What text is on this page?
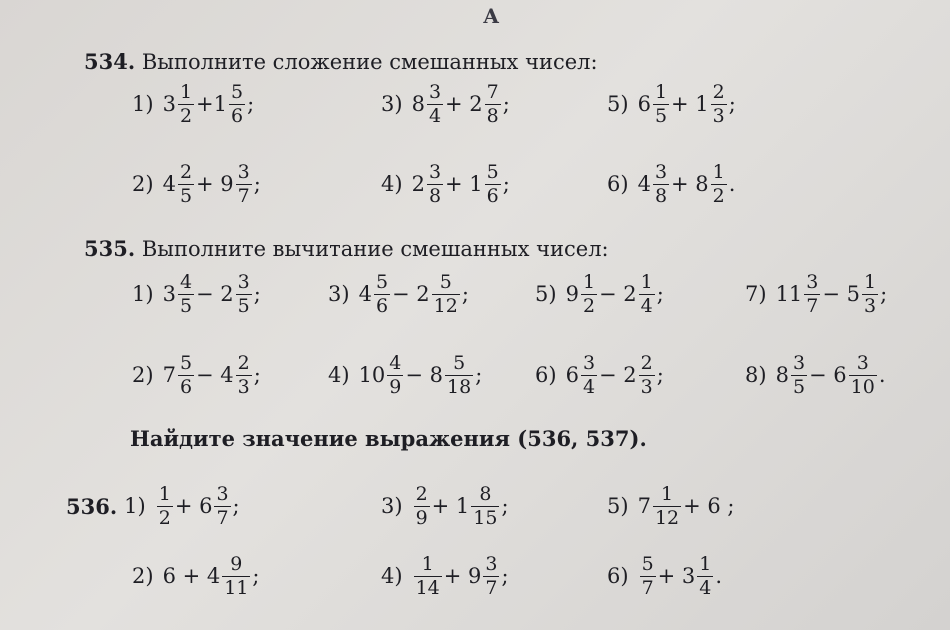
А
534. Выполните сложение смешанных чисел:
1) $3 \frac{1}{2} +1 \frac{5}{6}$ ;	3) $8 \frac{3}{4} + 2 \frac{7}{8}$ ;	5) $6 \frac{1}{5} + 1 \frac{2}{3}$ ;
2) $4 \frac{2}{5} + 9 \frac{3}{7}$ ;	4) $2 \frac{3}{8} + 1 \frac{5}{6}$ ;	6) $4 \frac{3}{8} + 8 \frac{1}{2}$ .
535. Выполните вычитание смешанных чисел:
1) $3 \frac{4}{5} - 2 \frac{3}{5}$ ;	3) $4 \frac{5}{6} - 2 \frac{5}{12}$ ;	5) $9 \frac{1}{2} - 2 \frac{1}{4}$ ;	7) $11 \frac{3}{7} - 5 \frac{1}{3}$ ;
2) $7 \frac{5}{6} - 4 \frac{2}{3}$ ;	4) $10 \frac{4}{9} - 8 \frac{5}{18}$ ;	6) $6 \frac{3}{4} - 2 \frac{2}{3}$ ;	8) $8 \frac{3}{5} - 6 \frac{3}{10}$ .
Найдите значение выражения (536, 537).
536. $1) \frac{1}{2} + 6 \frac{3}{7}$ ;	$3) \frac{2}{9} + 1 \frac{8}{15}$ ;	5) $7 \frac{1}{12} + 6$ ;
2) $6 + 4 \frac{9}{11}$ ;	$4) \frac{1}{14} + 9 \frac{3}{7}$ ;	$6) \frac{5}{7} + 3 \frac{1}{4}$ .
